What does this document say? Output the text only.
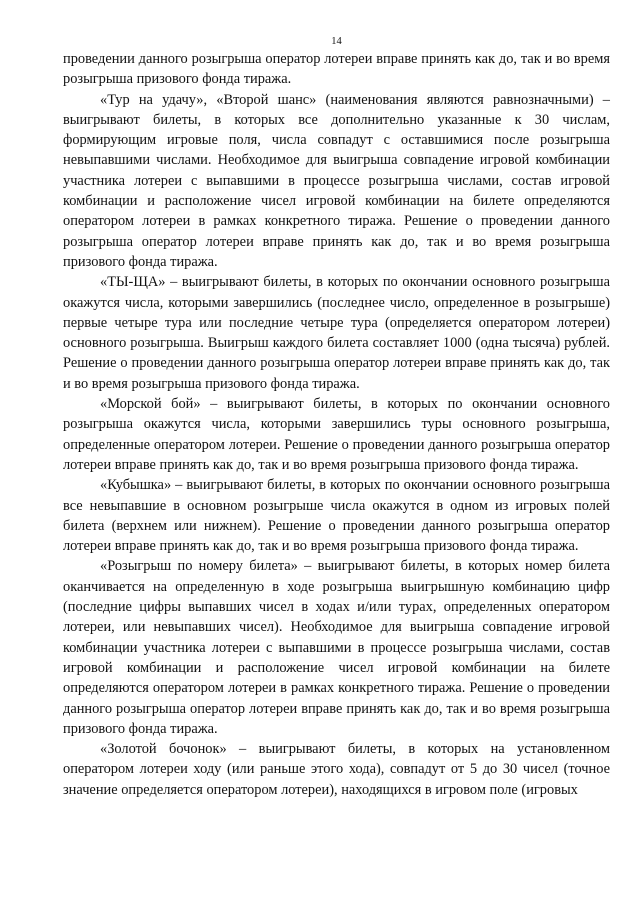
14

проведении данного розыгрыша оператор лотереи вправе принять как до, так и во время розыгрыша призового фонда тиража.

«Тур на удачу», «Второй шанс» (наименования являются равнозначными) – выигрывают билеты, в которых все дополнительно указанные к 30 числам, формирующим игровые поля, числа совпадут с оставшимися после розыгрыша невыпавшими числами. Необходимое для выигрыша совпадение игровой комбинации участника лотереи с выпавшими в процессе розыгрыша числами, состав игровой комбинации и расположение чисел игровой комбинации на билете определяются оператором лотереи в рамках конкретного тиража. Решение о проведении данного розыгрыша оператор лотереи вправе принять как до, так и во время розыгрыша призового фонда тиража.

«ТЫ-ЩА» – выигрывают билеты, в которых по окончании основного розыгрыша окажутся числа, которыми завершились (последнее число, определенное в розыгрыше) первые четыре тура или последние четыре тура (определяется оператором лотереи) основного розыгрыша. Выигрыш каждого билета составляет 1000 (одна тысяча) рублей. Решение о проведении данного розыгрыша оператор лотереи вправе принять как до, так и во время розыгрыша призового фонда тиража.

«Морской бой» – выигрывают билеты, в которых по окончании основного розыгрыша окажутся числа, которыми завершились туры основного розыгрыша, определенные оператором лотереи. Решение о проведении данного розыгрыша оператор лотереи вправе принять как до, так и во время розыгрыша призового фонда тиража.

«Кубышка» – выигрывают билеты, в которых по окончании основного розыгрыша все невыпавшие в основном розыгрыше числа окажутся в одном из игровых полей билета (верхнем или нижнем). Решение о проведении данного розыгрыша оператор лотереи вправе принять как до, так и во время розыгрыша призового фонда тиража.

«Розыгрыш по номеру билета» – выигрывают билеты, в которых номер билета оканчивается на определенную в ходе розыгрыша выигрышную комбинацию цифр (последние цифры выпавших чисел в ходах и/или турах, определенных оператором лотереи, или невыпавших чисел). Необходимое для выигрыша совпадение игровой комбинации участника лотереи с выпавшими в процессе розыгрыша числами, состав игровой комбинации и расположение чисел игровой комбинации на билете определяются оператором лотереи в рамках конкретного тиража. Решение о проведении данного розыгрыша оператор лотереи вправе принять как до, так и во время розыгрыша призового фонда тиража.

«Золотой бочонок» – выигрывают билеты, в которых на установленном оператором лотереи ходу (или раньше этого хода), совпадут от 5 до 30 чисел (точное значение определяется оператором лотереи), находящихся в игровом поле (игровых
